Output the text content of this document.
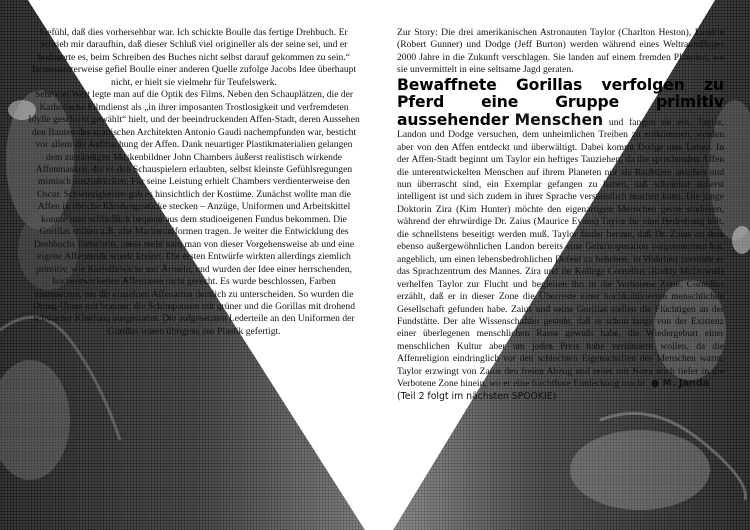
Gefühl, daß dies vorhersehbar war. Ich schickte Boulle das fertige Drehbuch. Er schrieb mir daraufhin, daß dieser Schluß viel origineller als der seine sei, und er bedauerte es, beim Schreiben des Buches nicht selbst darauf gekommen zu sein.“ Interessanterweise gefiel Boulle einer anderen Quelle zufolge Jacobs Idee überhaupt nicht, er hielt sie vielmehr für Teufelswerk.

Sehr viel Wert legte man auf die Optik des Films. Neben den Schauplätzen, die der Katholische Filmdienst als „in ihrer imposanten Trostlosigkeit und verfremdeten Idylle geschickt gewählt“ hielt, und der beeindruckenden Affen-Stadt, deren Aussehen den Bauten des spanischen Architekten Antonio Gaudi nachempfunden war, besticht vor allem die Aufmachung der Affen. Dank neuartiger Plastikmaterialien gelangen dem zuständigen Maskenbildner John Chambers äußerst realistisch wirkende Affenmasken, die es den Schauspielern erlaubten, selbst kleinste Gefühlsregungen mimisch auszudrücken. Für seine Leistung erhielt Chambers verdienterweise den Oscar. Schwierigkeiten gab es hinsichtlich der Kostüme. Zunächst wollte man die Affen in übliche Kleidungsstücke stecken – Anzüge, Uniformen und Arbeitskittel konnte man schließlich bequem aus dem studioeigenen Fundus bekommen. Die Gorillas sollten z.B. alte Marineuniformen tragen. Je weiter die Entwicklung des Drehbuchs fortschritt, umso mehr kam man von dieser Vorgehensweise ab und eine eigene Affenmode wurde kreiert. Die ersten Entwürfe wirkten allerdings ziemlich primitiv, wie Kartoffelsäcke mit Ärmeln, und wurden der Idee einer herrschenden, hochentwickelten Affenrasse nicht gerecht. Es wurde beschlossen, Farben einzusetzen, um die einzelnen Affenarten deutlich zu unterscheiden. So wurden die Orang-Utans mit brauner, die Schimpansen mit grüner und die Gorillas mit drohend schwarzer Kleidung ausgestattet. Die aufgesetzten Lederteile an den Uniformen der Gorillas waren übrigens aus Plastik gefertigt.

Zur Story: Die drei amerikanischen Astronauten Taylor (Charlton Heston), Landon (Robert Gunner) und Dodge (Jeff Burton) werden während eines Weltraumfluges 2000 Jahre in die Zukunft verschlagen. Sie landen auf einem fremden Planeten, wo sie unvermittelt in eine seltsame Jagd geraten.

Bewaffnete Gorillas verfolgen zu Pferd eine Gruppe primitiv aussehender Menschen und fangen sie ein. Taylor, Landon und Dodge versuchen, dem unheimlichen Treiben zu entkommen, werden aber von den Affen entdeckt und überwältigt. Dabei kommt Dodge ums Leben. In der Affen-Stadt beginnt um Taylor ein heftiges Tauziehen, da die sprechenden Affen die unterentwickelten Menschen auf ihrem Planeten nur als Raubtiere ansehen und nun überrascht sind, ein Exemplar gefangen zu haben, daß scheinbar äußerst intelligent ist und sich zudem in ihrer Sprache verständlich machen kann. Die junge Doktorin Zira (Kim Hunter) möchte den eigenartigen Menschen gerne studieren, während der ehrwürdige Dr. Zaius (Maurice Evans) Taylor für eine Bedrohung hält, die schnellstens beseitigt werden muß. Taylor findet heraus, daß Dr. Zaius an dem ebenso außergewöhnlichen Landon bereits eine Gehirnoperation vorgenommen hat, angeblich, um einen lebensbedrohlichen Defekt zu beheben. In Wahrheit zerstörte er das Sprachzentrum des Mannes. Zira und ihr Kollege Cornelius (Roddy McDowall) verhelfen Taylor zur Flucht und begleiten ihn in die Verbotene Zone. Cornelius erzählt, daß er in dieser Zone die Überreste einer hochkultivierten menschlichen Gesellschaft gefunden habe. Zaius und seine Gorillas stellen die Flüchtigen an der Fundstätte. Der alte Wissenschaftler gesteht, daß er schon lange von der Existenz einer überlegenen menschlichen Rasse gewußt habe, die Wiedergeburt einer menschlichen Kultur aber um jeden Preis habe verhindern wollen, da die Affenreligion eindringlich vor den schlechten Eigenschaften des Menschen warnt. Taylor erzwingt von Zaius den freien Abzug und reitet mit Nova noch tiefer in die Verbotene Zone hinein, wo er eine furchtbare Entdeckung macht. ● M. Janda

(Teil 2 folgt im nächsten SPOOKIE)
